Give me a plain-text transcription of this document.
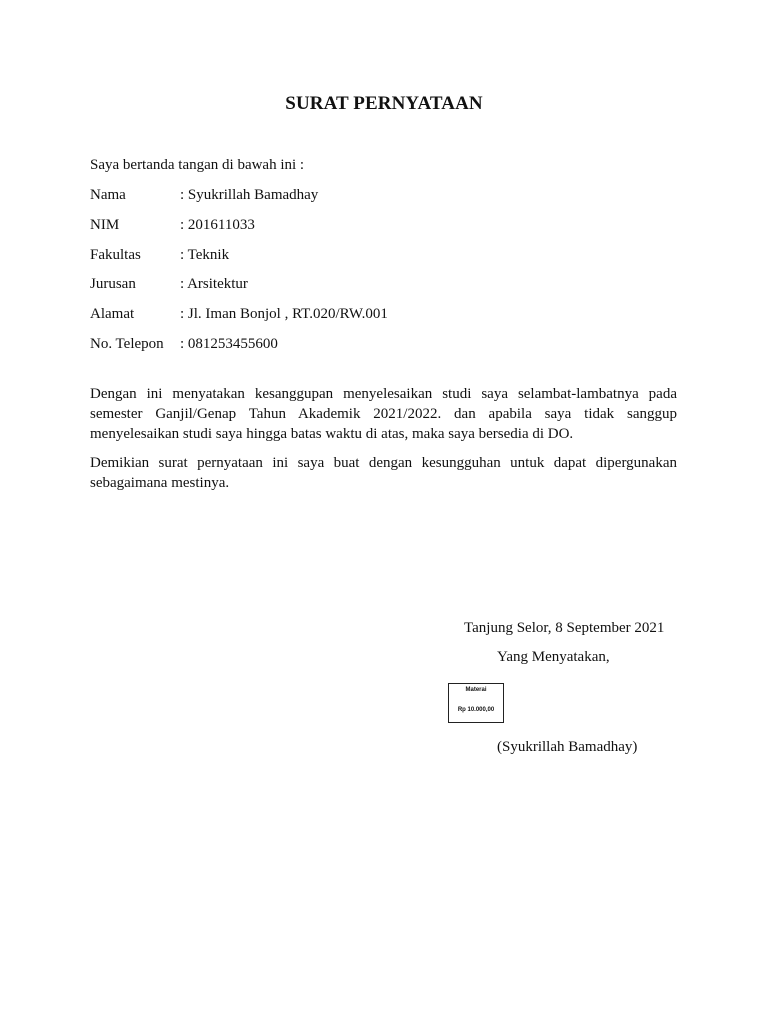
SURAT PERNYATAAN
Saya bertanda tangan di bawah ini :
Nama	: Syukrillah Bamadhay
NIM	: 201611033
Fakultas	: Teknik
Jurusan	: Arsitektur
Alamat	: Jl. Iman Bonjol , RT.020/RW.001
No. Telepon : 081253455600
Dengan ini menyatakan kesanggupan menyelesaikan studi saya selambat-lambatnya pada semester Ganjil/Genap Tahun Akademik 2021/2022. dan apabila saya tidak sanggup menyelesaikan studi saya hingga batas waktu di atas, maka saya bersedia di DO.
Demikian surat pernyataan ini saya buat dengan kesungguhan untuk dapat dipergunakan sebagaimana mestinya.
Tanjung Selor, 8 September 2021
Yang Menyatakan,
Materai
Rp 10.000,00
(Syukrillah Bamadhay)
